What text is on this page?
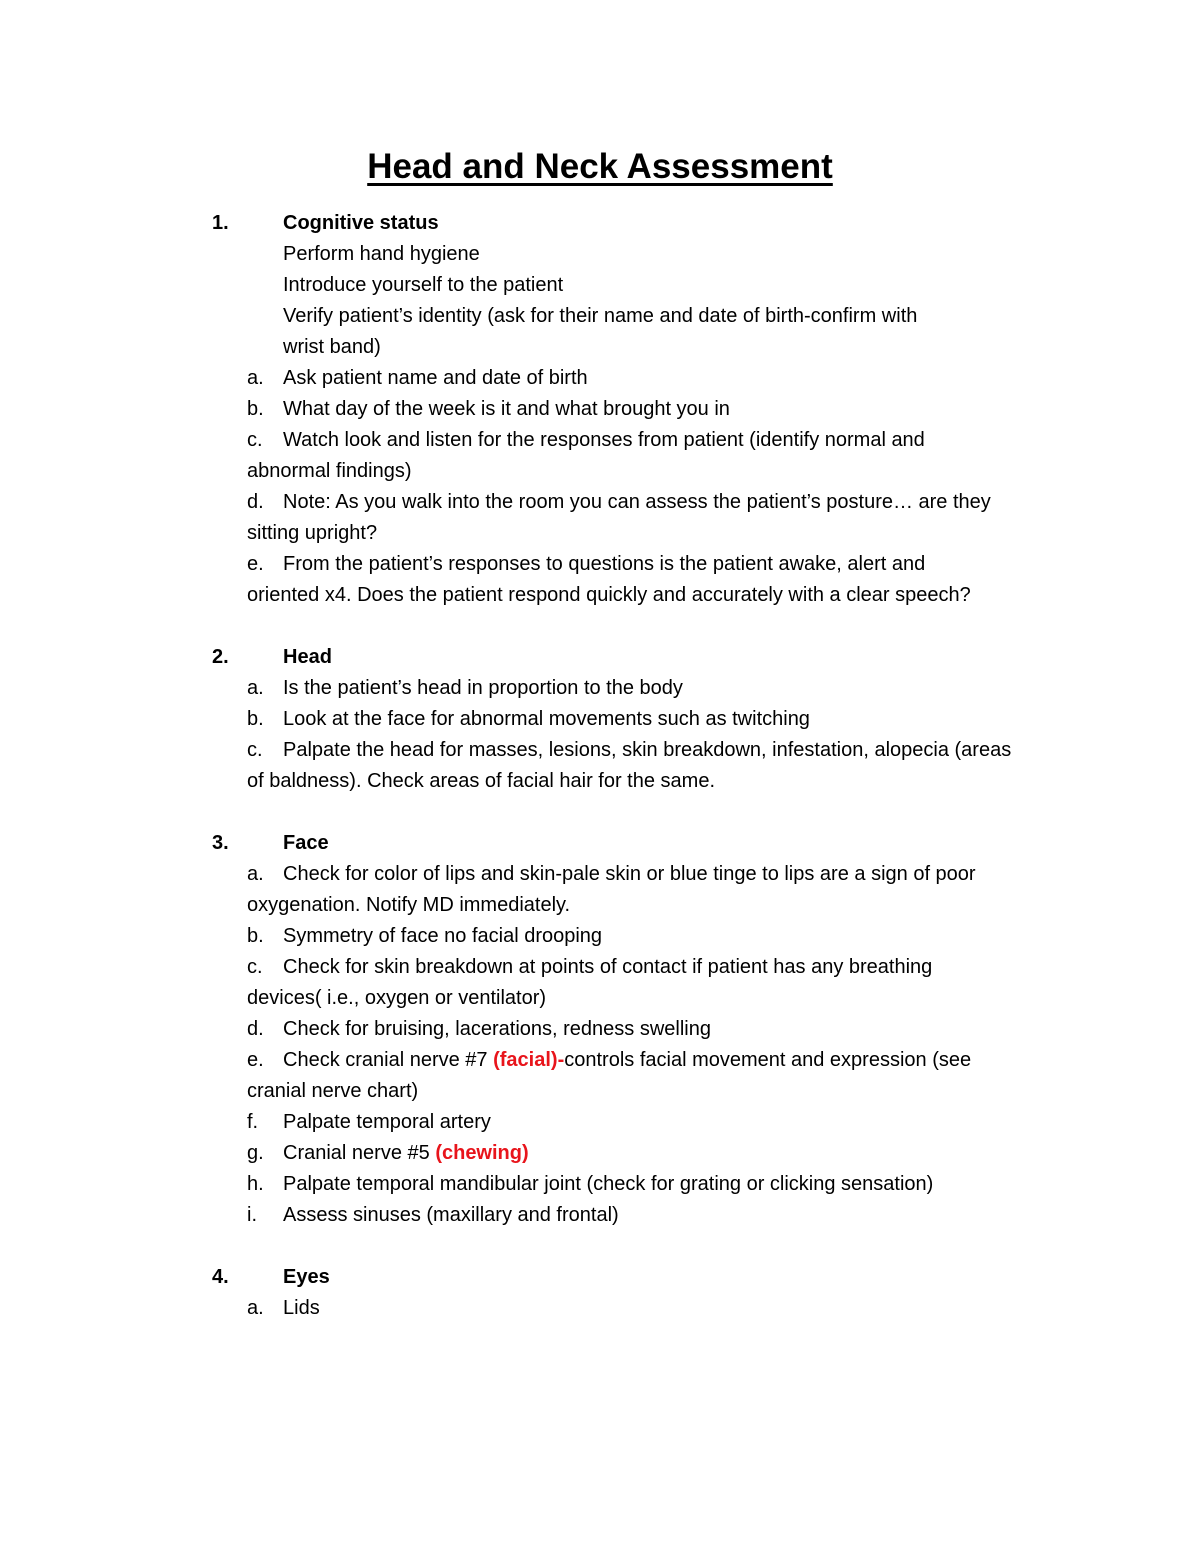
Head and Neck Assessment
1.	Cognitive status
Perform hand hygiene
Introduce yourself to the patient
Verify patient’s identity (ask for their name and date of birth-confirm with
wrist band)
a. Ask patient name and date of birth
b. What day of the week is it and what brought you in
c. Watch look and listen for the responses from patient (identify normal and
abnormal findings)
d. Note: As you walk into the room you can assess the patient’s posture… are they
sitting upright?
e. From the patient’s responses to questions is the patient awake, alert and
oriented x4. Does the patient respond quickly and accurately with a clear speech?
2.	Head
a. Is the patient’s head in proportion to the body
b. Look at the face for abnormal movements such as twitching
c. Palpate the head for masses, lesions, skin breakdown, infestation, alopecia (areas
of baldness). Check areas of facial hair for the same.
3.	Face
a. Check for color of lips and skin-pale skin or blue tinge to lips are a sign of poor
oxygenation. Notify MD immediately.
b. Symmetry of face no facial drooping
c. Check for skin breakdown at points of contact if patient has any breathing
devices( i.e., oxygen or ventilator)
d. Check for bruising, lacerations, redness swelling
e. Check cranial nerve #7 (facial)-controls facial movement and expression (see
cranial nerve chart)
f. Palpate temporal artery
g. Cranial nerve #5 (chewing)
h. Palpate temporal mandibular joint (check for grating or clicking sensation)
i. Assess sinuses (maxillary and frontal)
4.	Eyes
a. Lids
